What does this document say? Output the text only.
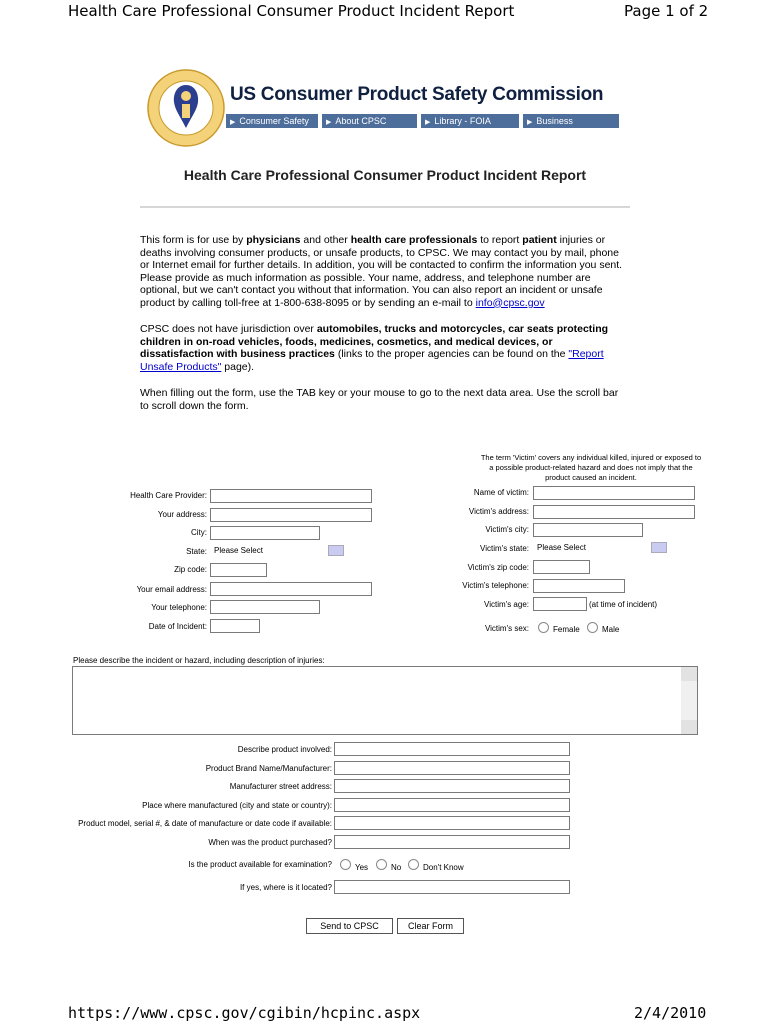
Health Care Professional Consumer Product Incident Report	Page 1 of 2
US Consumer Product Safety Commission
▶ Consumer Safety	▶ About CPSC	▶ Library - FOIA	▶ Business
Health Care Professional Consumer Product Incident Report

This form is for use by physicians and other health care professionals to report patient injuries or deaths involving consumer products, or unsafe products, to CPSC. We may contact you by mail, phone or Internet email for further details. In addition, you will be contacted to confirm the information you sent. Please provide as much information as possible. Your name, address, and telephone number are optional, but we can't contact you without that information. You can also report an incident or unsafe product by calling toll-free at 1-800-638-8095 or by sending an e-mail to info@cpsc.gov

CPSC does not have jurisdiction over automobiles, trucks and motorcycles, car seats protecting children in on-road vehicles, foods, medicines, cosmetics, and medical devices, or dissatisfaction with business practices (links to the proper agencies can be found on the "Report Unsafe Products" page).

When filling out the form, use the TAB key or your mouse to go to the next data area. Use the scroll bar to scroll down the form.

The term 'Victim' covers any individual killed, injured or exposed to a possible product-related hazard and does not imply that the product caused an incident.
Health Care Provider:
Your address:
City:
State: Please Select
Zip code:
Your email address:
Your telephone:
Date of Incident:
Name of victim:
Victim's address:
Victim's city:
Victim's state:	Please Select
Victim's zip code:
Victim's telephone:
Victim's age:	(at time of incident)
Victim's sex:	Female	Male
Please describe the incident or hazard, including description of injuries:
Describe product involved:
Product Brand Name/Manufacturer:
Manufacturer street address:
Place where manufactured (city and state or country):
Product model, serial #, & date of manufacture or date code if available:
When was the product purchased?
Is the product available for examination?	Yes	No	Don't Know
If yes, where is it located?
Send to CPSC	Clear Form
https://www.cpsc.gov/cgibin/hcpinc.aspx	2/4/2010
